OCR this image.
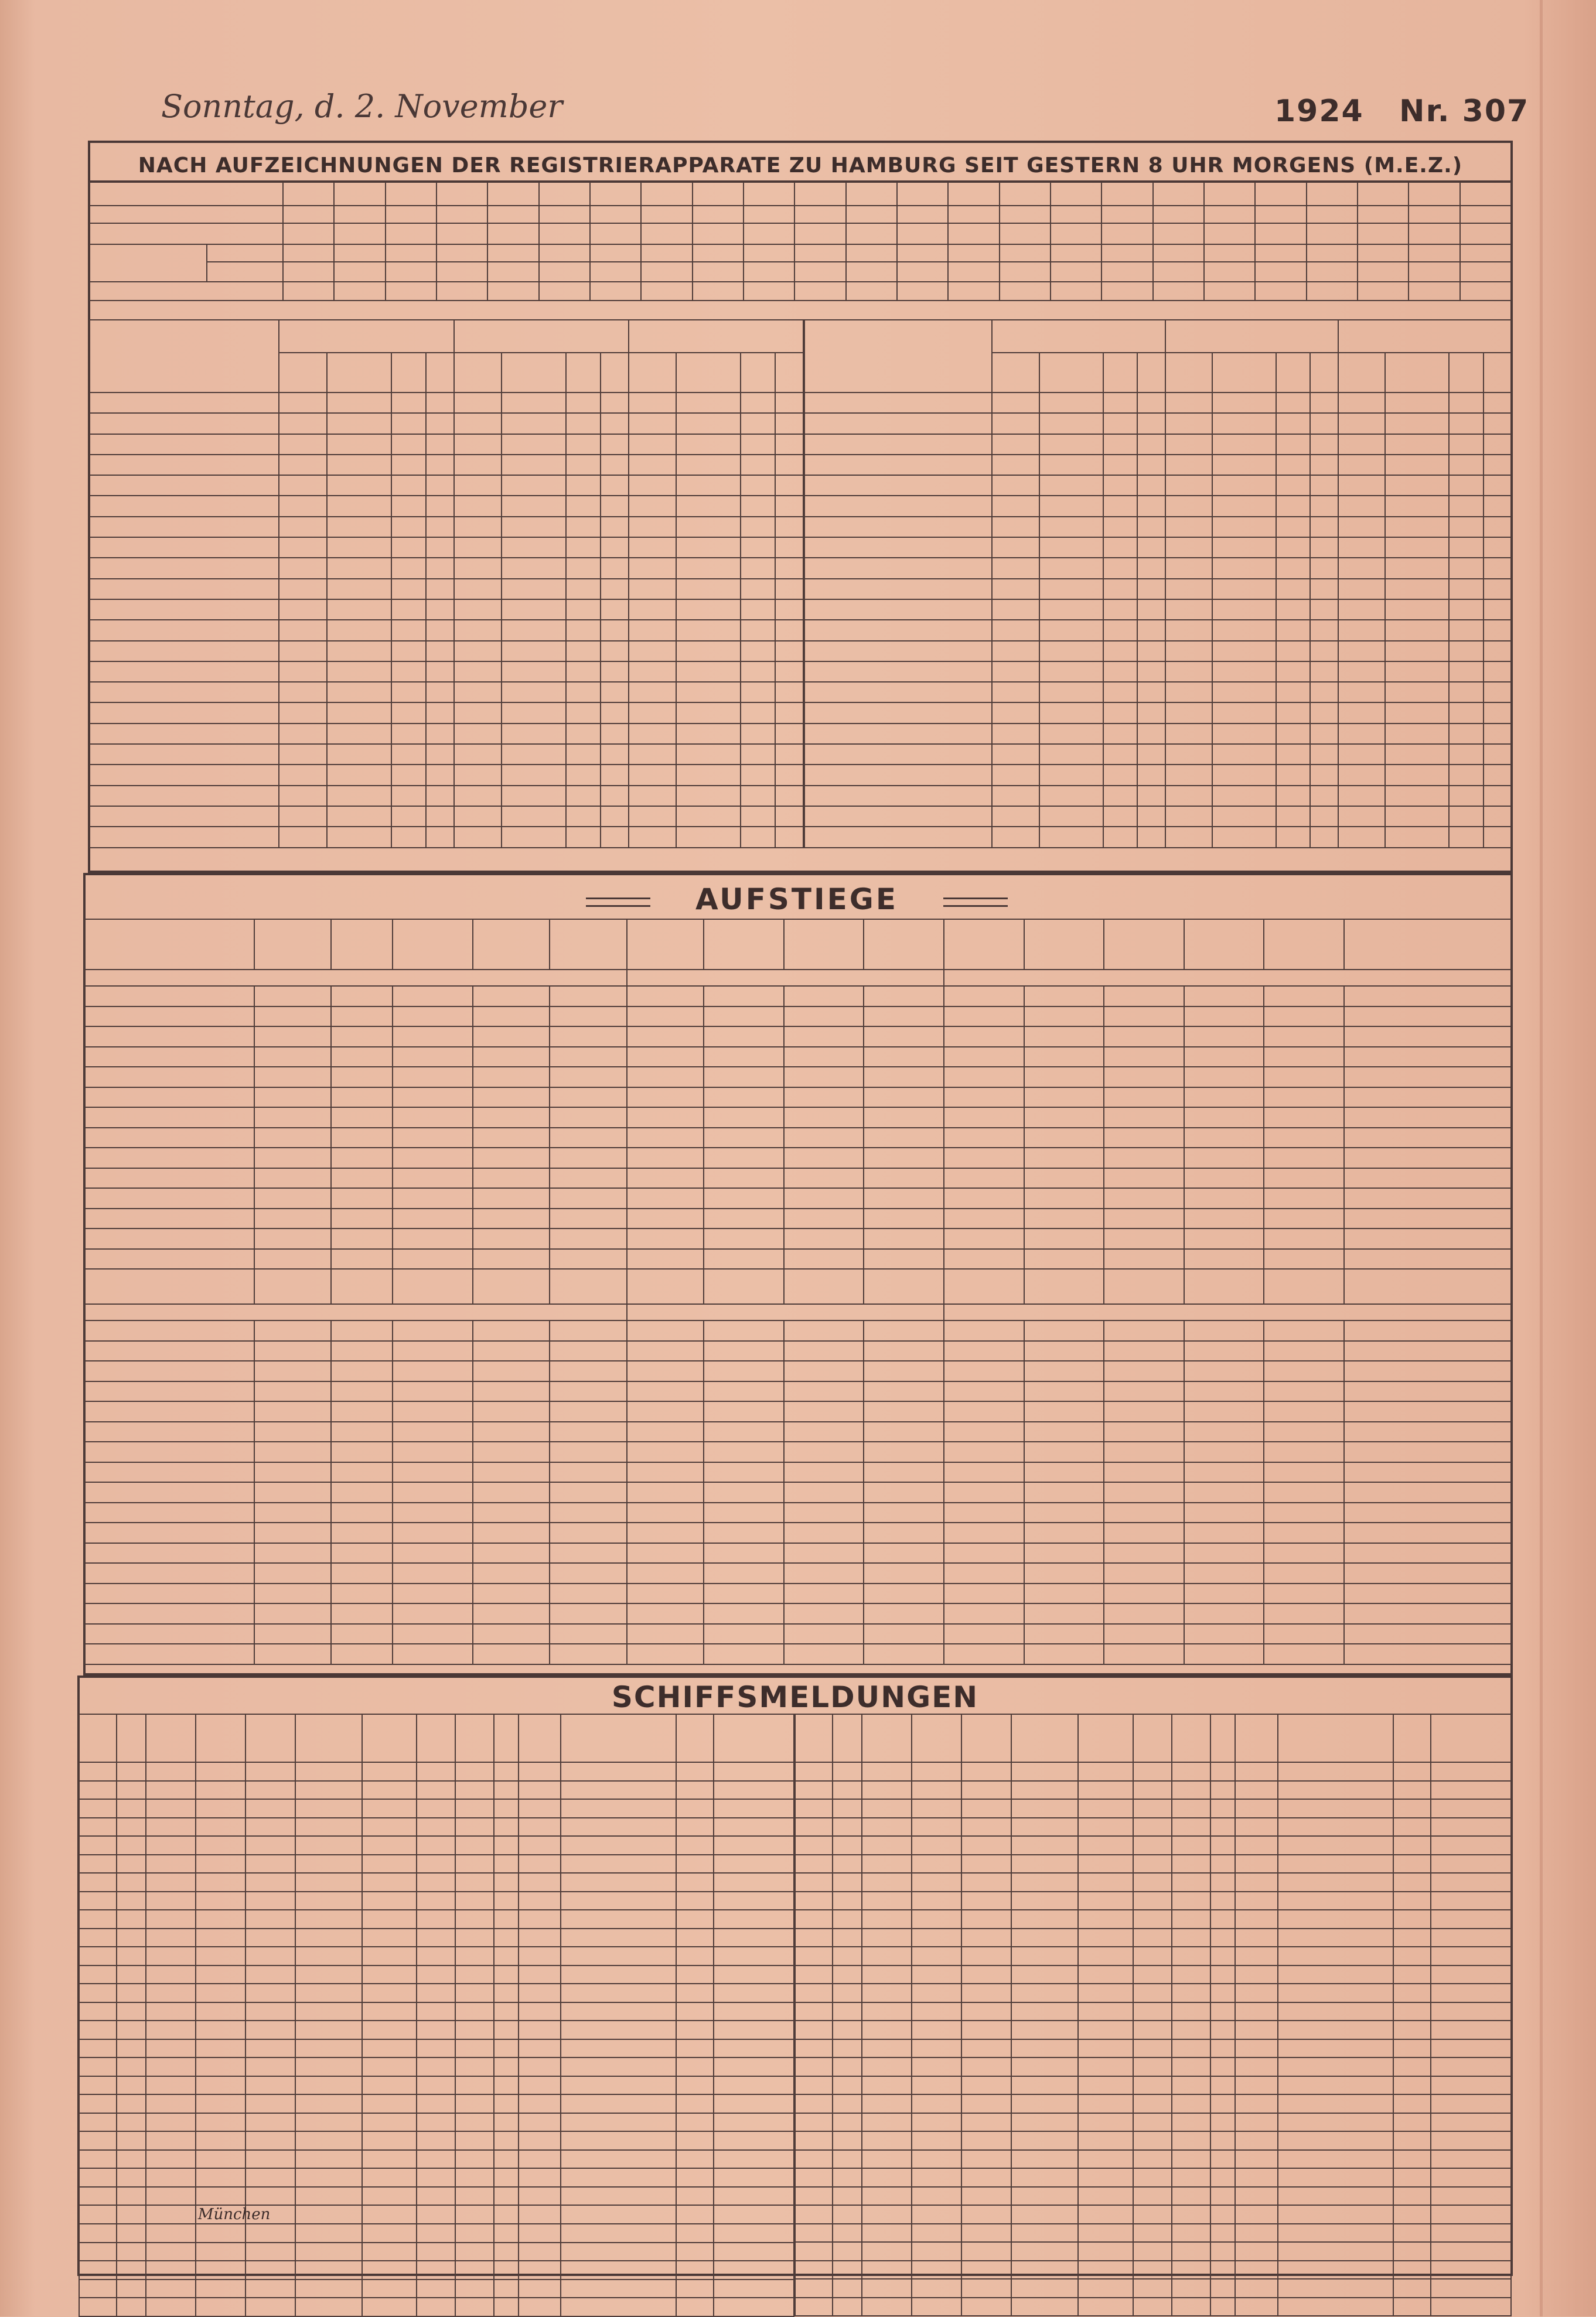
Sonntag, d. 2. November	1924 Nr. 307
NACH AUFZEICHNUNGEN DER REGISTRIERAPPARATE ZU HAMBURG SEIT GESTERN 8 UHR MORGENS (M.E.Z.)

AUFSTIEGE

SCHIFFSMELDUNGEN

			München										
